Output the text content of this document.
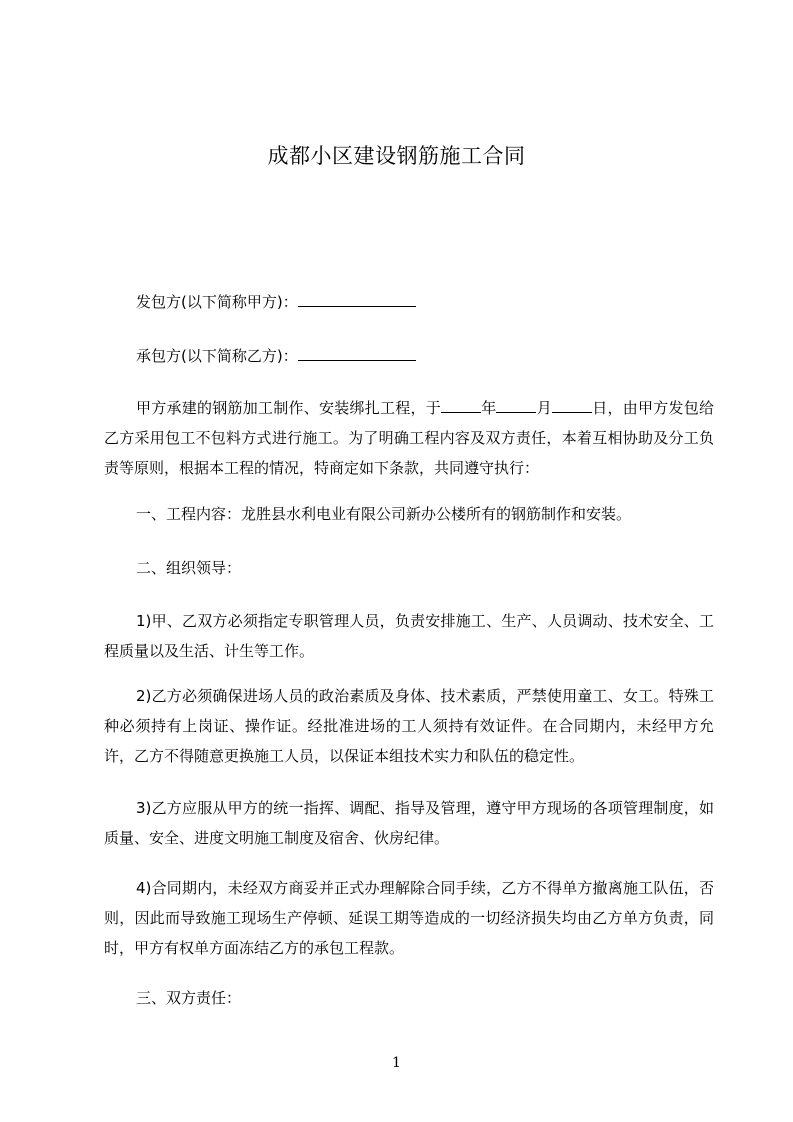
成都小区建设钢筋施工合同
发包方(以下简称甲方)：
承包方(以下简称乙方)：
甲方承建的钢筋加工制作、安装绑扎工程，于	年	月	日，由甲方发包给乙方采用包工不包料方式进行施工。为了明确工程内容及双方责任，本着互相协助及分工负责等原则，根据本工程的情况，特商定如下条款，共同遵守执行：
一、工程内容：龙胜县水利电业有限公司新办公楼所有的钢筋制作和安装。
二、组织领导：
1)甲、乙双方必须指定专职管理人员，负责安排施工、生产、人员调动、技术安全、工程质量以及生活、计生等工作。
2)乙方必须确保进场人员的政治素质及身体、技术素质，严禁使用童工、女工。特殊工种必须持有上岗证、操作证。经批准进场的工人须持有效证件。在合同期内，未经甲方允许，乙方不得随意更换施工人员，以保证本组技术实力和队伍的稳定性。
3)乙方应服从甲方的统一指挥、调配、指导及管理，遵守甲方现场的各项管理制度，如质量、安全、进度文明施工制度及宿舍、伙房纪律。
4)合同期内，未经双方商妥并正式办理解除合同手续，乙方不得单方撤离施工队伍，否则，因此而导致施工现场生产停顿、延误工期等造成的一切经济损失均由乙方单方负责，同时，甲方有权单方面冻结乙方的承包工程款。
三、双方责任：
1
